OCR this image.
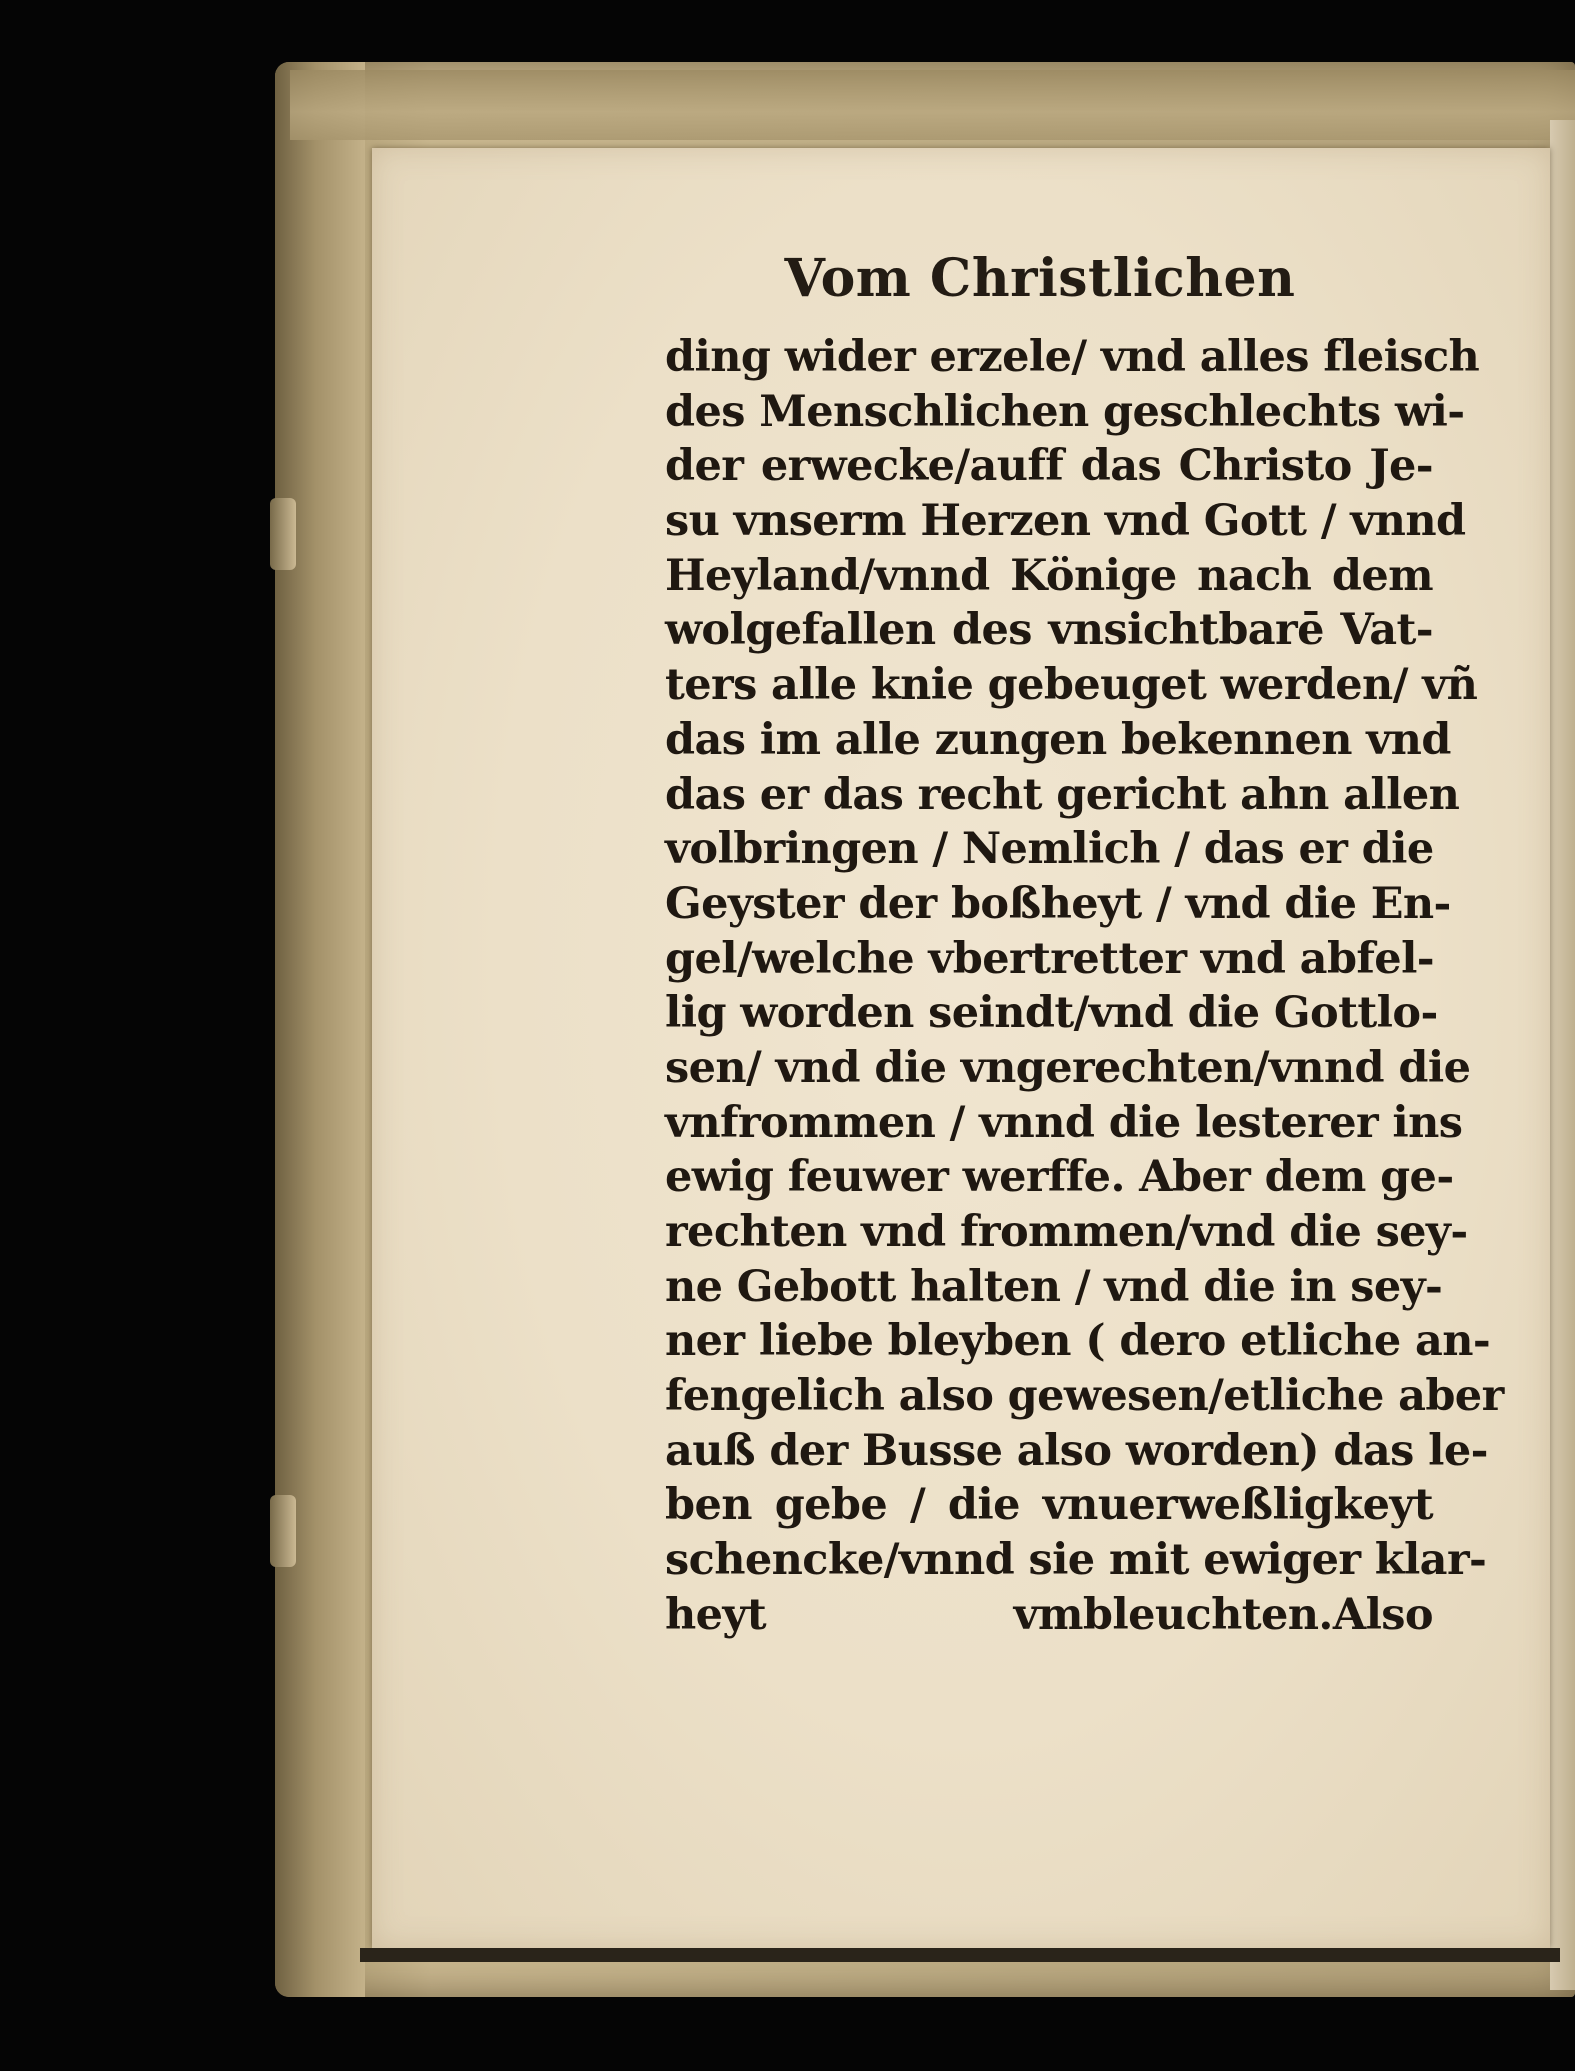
Vom Christlichen
ding wider erzele/ vnd alles fleisch
des Menschlichen geschlechts wi-
der erwecke/auff das Christo Je-
su vnserm Herzen vnd Gott / vnnd
Heyland/vnnd Könige nach dem
wolgefallen des vnsichtbarē Vat-
ters alle knie gebeuget werden/ vñ
das im alle zungen bekennen vnd
das er das recht gericht ahn allen
volbringen / Nemlich / das er die
Geyster der boßheyt / vnd die En-
gel/welche vbertretter vnd abfel-
lig worden seindt/vnd die Gottlo-
sen/ vnd die vngerechten/vnnd die
vnfrommen / vnnd die lesterer ins
ewig feuwer werffe. Aber dem ge-
rechten vnd frommen/vnd die sey-
ne Gebott halten / vnd die in sey-
ner liebe bleyben ( dero etliche an-
fengelich also gewesen/etliche aber
auß der Busse also worden) das le-
ben gebe / die vnuerweßligkeyt
schencke/vnnd sie mit ewiger klar-
heyt vmbleuchten. Also
